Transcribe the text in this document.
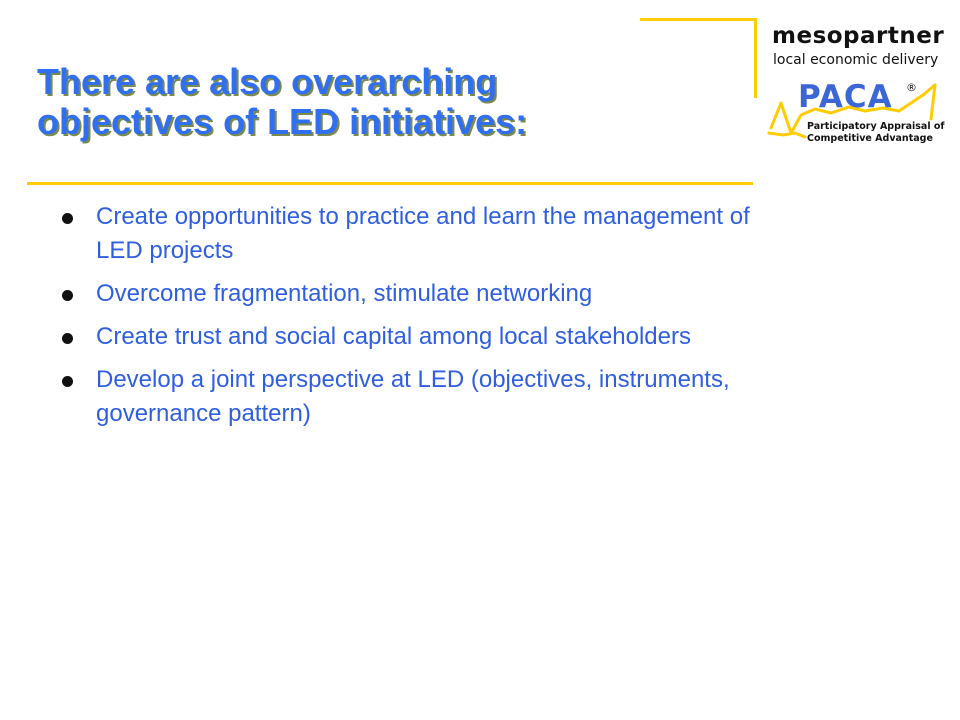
There are also overarching
objectives of LED initiatives:
Create opportunities to practice and learn the management of LED projects
Overcome fragmentation, stimulate networking
Create trust and social capital among local stakeholders
Develop a joint perspective at LED (objectives, instruments, governance pattern)
mesopartner
local economic delivery
PACA ®
Participatory Appraisal of
Competitive Advantage
